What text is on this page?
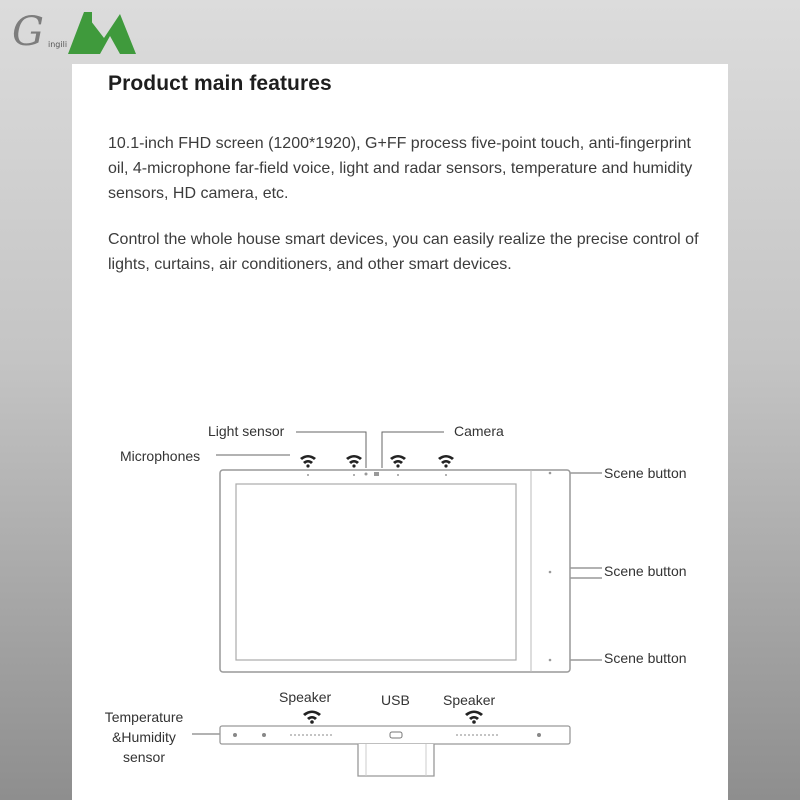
G ingili
Product main features

10.1-inch FHD screen (1200*1920), G+FF process five-point touch, anti-fingerprint oil, 4-microphone far-field voice, light and radar sensors, temperature and humidity sensors, HD camera, etc.

Control the whole house smart devices, you can easily realize the precise control of lights, curtains, air conditioners, and other smart devices.

Light sensor	Camera
Microphones
Scene button
Scene button
Scene button
Speaker	USB Speaker
Temperature &Humidity sensor
